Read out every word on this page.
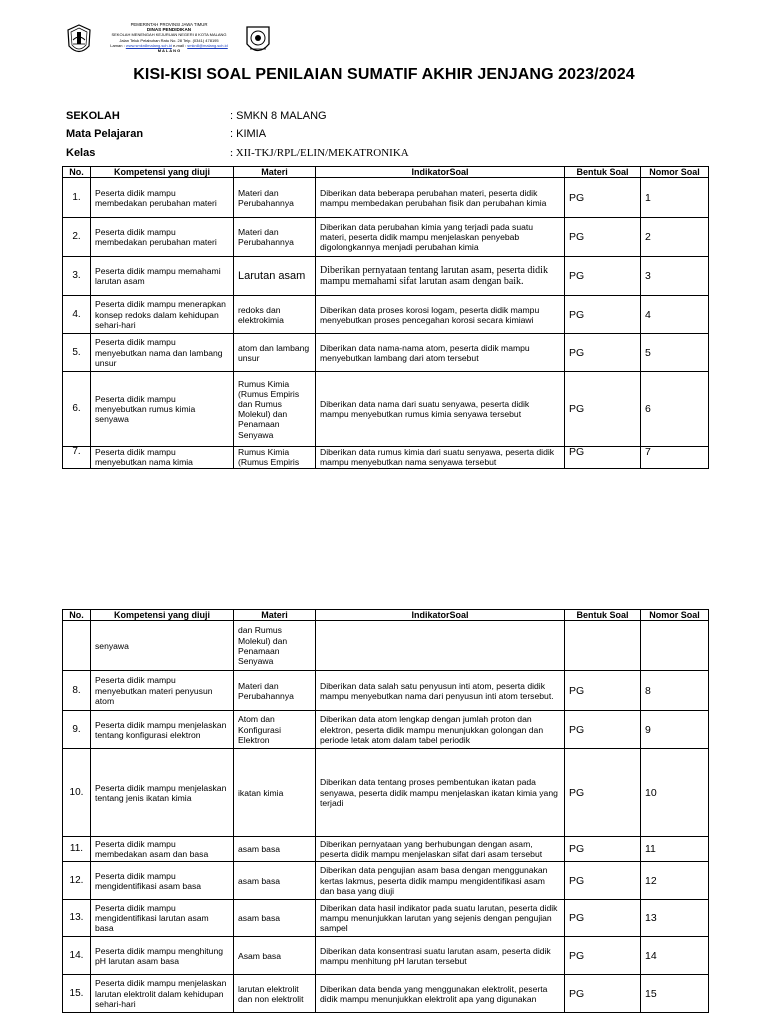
PEMERINTAH PROVINSI JAWA TIMUR
DINAS PENDIDIKAN
SEKOLAH MENENGAH KEJURUAN NEGERI 8 KOTA MALANG
Jalan Teluk Pelabuhan Ratu No. 28 Telp. (0341) 478195
Laman : www.smkn8malang.sch.id e-mail : smkn8@malang.sch.id
M A L A N G
KISI-KISI SOAL PENILAIAN SUMATIF AKHIR JENJANG 2023/2024
SEKOLAH	: SMKN 8 MALANG
Mata Pelajaran	: KIMIA
Kelas	: XII-TKJ/RPL/ELIN/MEKATRONIKA
No.	Kompetensi yang diuji	Materi	IndikatorSoal	Bentuk Soal	Nomor Soal
1.	Peserta didik mampu membedakan perubahan materi	Materi dan Perubahannya	Diberikan data beberapa perubahan materi, peserta didik mampu membedakan perubahan fisik dan perubahan kimia	PG	1
2.	Peserta didik mampu membedakan perubahan materi	Materi dan Perubahannya	Diberikan data perubahan kimia yang terjadi pada suatu materi, peserta didik mampu menjelaskan penyebab digolongkannya menjadi perubahan kimia	PG	2
3.	Peserta didik mampu memahami larutan asam	Larutan asam	Diberikan pernyataan tentang larutan asam, peserta didik mampu memahami sifat larutan asam dengan baik.	PG	3
4.	Peserta didik mampu menerapkan konsep redoks dalam kehidupan sehari-hari	redoks dan elektrokimia	Diberikan data proses korosi logam, peserta didik mampu menyebutkan proses pencegahan korosi secara kimiawi	PG	4
5.	Peserta didik mampu menyebutkan nama dan lambang unsur	atom dan lambang unsur	Diberikan data nama-nama atom, peserta didik mampu menyebutkan lambang dari atom tersebut	PG	5
6.	Peserta didik mampu menyebutkan rumus kimia senyawa	Rumus Kimia (Rumus Empiris dan Rumus Molekul) dan Penamaan Senyawa	Diberikan data nama dari suatu senyawa, peserta didik mampu menyebutkan rumus kimia senyawa tersebut	PG	6
7.	Peserta didik mampu menyebutkan nama kimia	Rumus Kimia (Rumus Empiris	Diberikan data rumus kimia dari suatu senyawa, peserta didik mampu menyebutkan nama senyawa tersebut	PG	7
No.	Kompetensi yang diuji	Materi	IndikatorSoal	Bentuk Soal	Nomor Soal
	senyawa	dan Rumus Molekul) dan Penamaan Senyawa			
8.	Peserta didik mampu menyebutkan materi penyusun atom	Materi dan Perubahannya	Diberikan data salah satu penyusun inti atom, peserta didik mampu menyebutkan nama dari penyusun inti atom tersebut.	PG	8
9.	Peserta didik mampu menjelaskan tentang konfigurasi elektron	Atom dan Konfigurasi Elektron	Diberikan data atom lengkap dengan jumlah proton dan elektron, peserta didik mampu menunjukkan golongan dan periode letak atom dalam tabel periodik	PG	9
10.	Peserta didik mampu menjelaskan tentang jenis ikatan kimia	ikatan kimia	Diberikan data tentang proses pembentukan ikatan pada senyawa, peserta didik mampu menjelaskan ikatan kimia yang terjadi	PG	10
11.	Peserta didik mampu membedakan asam dan basa	asam basa	Diberikan pernyataan yang berhubungan dengan asam, peserta didik mampu menjelaskan sifat dari asam tersebut	PG	11
12.	Peserta didik mampu mengidentifikasi asam basa	asam basa	Diberikan data pengujian asam basa dengan menggunakan kertas lakmus, peserta didik mampu mengidentifikasi asam dan basa yang diuji	PG	12
13.	Peserta didik mampu mengidentifikasi larutan asam basa	asam basa	Diberikan data hasil indikator pada suatu larutan, peserta didik mampu menunjukkan larutan yang sejenis dengan pengujian sampel	PG	13
14.	Peserta didik mampu menghitung pH larutan asam basa	Asam basa	Diberikan data konsentrasi suatu larutan asam, peserta didik mampu menhitung pH larutan tersebut	PG	14
15.	Peserta didik mampu menjelaskan larutan elektrolit dalam kehidupan sehari-hari	larutan elektrolit dan non elektrolit	Diberikan data benda yang menggunakan elektrolit, peserta didik mampu menunjukkan elektrolit apa yang digunakan	PG	15
